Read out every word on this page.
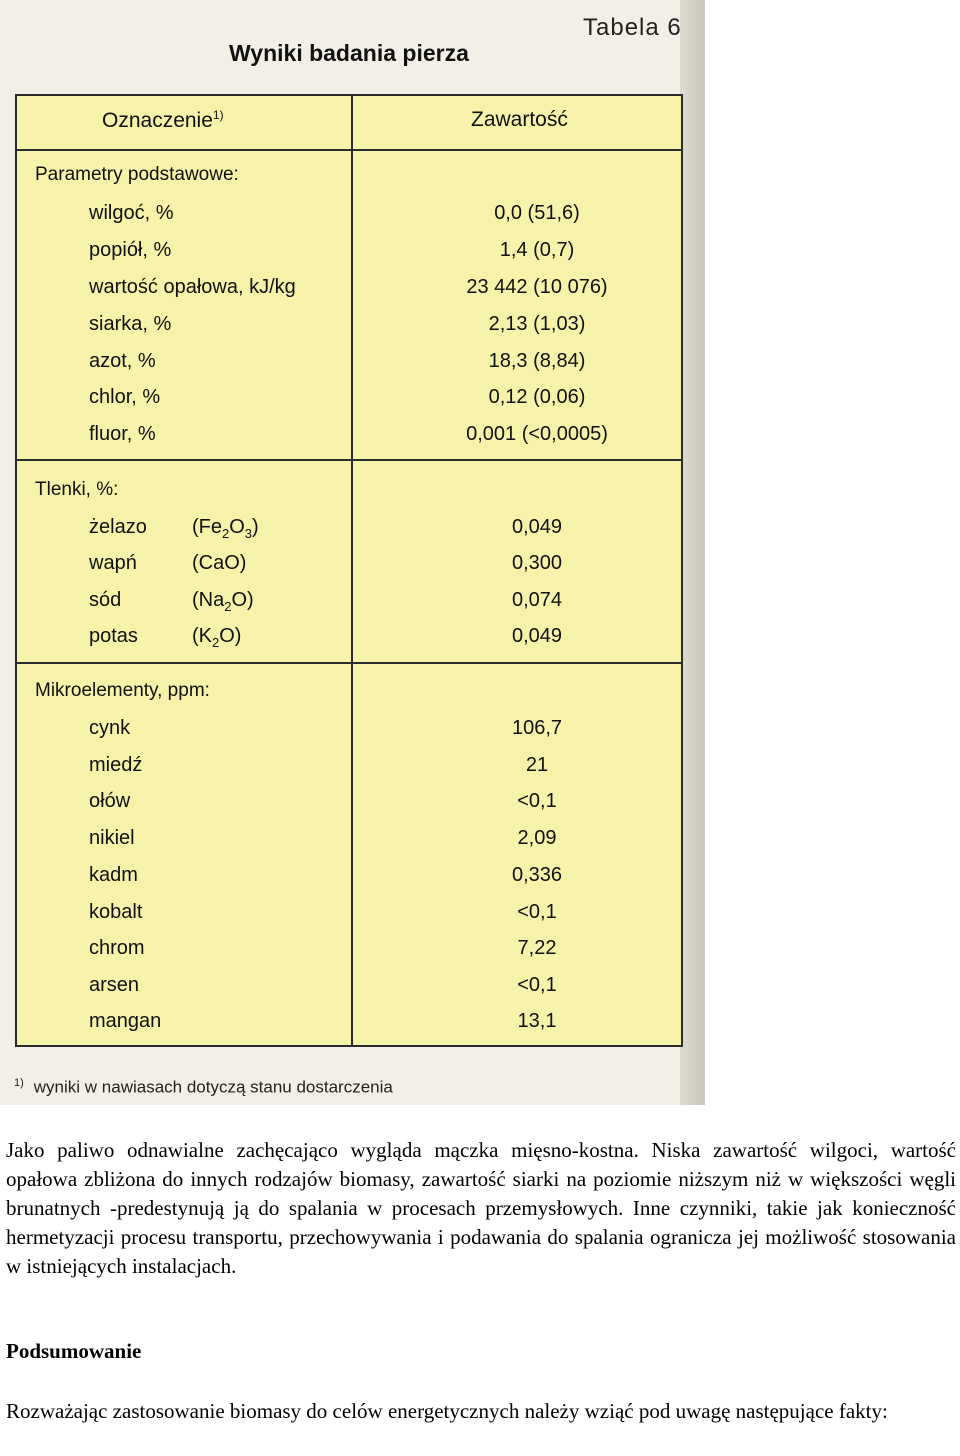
Tabela 6
Wyniki badania pierza
Oznaczenie$^{1)}$	Zawartość
Parametry podstawowe:
wilgoć, %	0,0 (51,6)
popiół, %	1,4 (0,7)
wartość opałowa, kJ/kg	23 442 (10 076)
siarka, %	2,13 (1,03)
azot, %	18,3 (8,84)
chlor, %	0,12 (0,06)
fluor, %	0,001 (<0,0005)
Tlenki, %:
żelazo $(Fe_2O_3)$	0,049
wapń	(CaO)	0,300
sód	$(Na_2O)$	0,074
potas	$(K_2O)$	0,049
Mikroelementy, ppm:
cynk	106,7
miedź	21
ołów	<0,1
nikiel	2,09
kadm	0,336
kobalt	<0,1
chrom	7,22
arsen	<0,1
mangan	13,1
$^{1)}$ wyniki w nawiasach dotyczą stanu dostarczenia

Jako paliwo odnawialne zachęcająco wygląda mączka mięsno-kostna. Niska zawartość wilgoci, wartość opałowa zbliżona do innych rodzajów biomasy, zawartość siarki na poziomie niższym niż w większości węgli brunatnych -predestynują ją do spalania w procesach przemysłowych. Inne czynniki, takie jak konieczność hermetyzacji procesu transportu, przechowywania i podawania do spalania ogranicza jej możliwość stosowania w istniejących instalacjach.

Podsumowanie

Rozważając zastosowanie biomasy do celów energetycznych należy wziąć pod uwagę następujące fakty:
